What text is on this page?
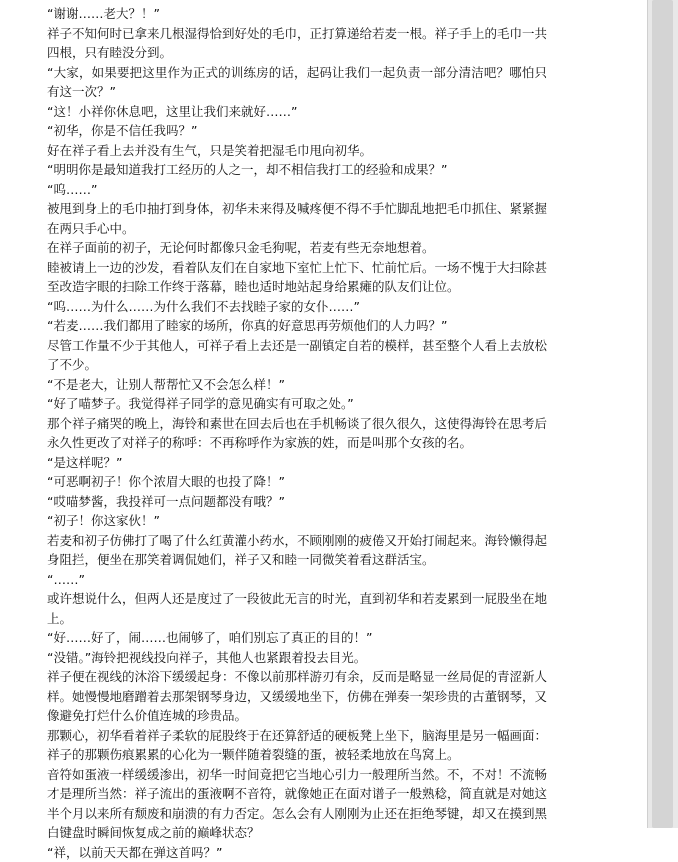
“谢谢……老大？！”

祥子不知何时已拿来几根湿得恰到好处的毛巾，正打算递给若麦一根。祥子手上的毛巾一共四根，只有睦没分到。

“大家，如果要把这里作为正式的训练房的话，起码让我们一起负责一部分清洁吧？哪怕只有这一次？”

“这！小祥你休息吧，这里让我们来就好……”

“初华，你是不信任我吗？”

好在祥子看上去并没有生气，只是笑着把湿毛巾甩向初华。

“明明你是最知道我打工经历的人之一，却不相信我打工的经验和成果？”

“呜……”

被甩到身上的毛巾抽打到身体，初华未来得及喊疼便不得不手忙脚乱地把毛巾抓住、紧紧握在两只手心中。

在祥子面前的初子，无论何时都像只金毛狗呢，若麦有些无奈地想着。

睦被请上一边的沙发，看着队友们在自家地下室忙上忙下、忙前忙后。一场不愧于大扫除甚至改造字眼的扫除工作终于落幕，睦也适时地站起身给累瘫的队友们让位。

“呜……为什么……为什么我们不去找睦子家的女仆……”

“若麦……我们都用了睦家的场所，你真的好意思再劳烦他们的人力吗？”

尽管工作量不少于其他人，可祥子看上去还是一副镇定自若的模样，甚至整个人看上去放松了不少。

“不是老大，让别人帮帮忙又不会怎么样！”

“好了喵梦子。我觉得祥子同学的意见确实有可取之处。”

那个祥子痛哭的晚上，海铃和素世在回去后也在手机畅谈了很久很久，这使得海铃在思考后永久性更改了对祥子的称呼：不再称呼作为家族的姓，而是叫那个女孩的名。

“是这样呢？”

“可恶啊初子！你个浓眉大眼的也投了降！”

“哎喵梦酱，我投祥可一点问题都没有哦？”

“初子！你这家伙！”

若麦和初子仿佛打了喝了什么红黄灌小药水，不顾刚刚的疲倦又开始打闹起来。海铃懒得起身阻拦，便坐在那笑着调侃她们，祥子又和睦一同微笑着看这群活宝。

“……”

或许想说什么，但两人还是度过了一段彼此无言的时光，直到初华和若麦累到一屁股坐在地上。

“好……好了，闹……也闹够了，咱们别忘了真正的目的！”

“没错。”海铃把视线投向祥子，其他人也紧跟着投去目光。

祥子便在视线的沐浴下缓缓起身：不像以前那样游刃有余，反而是略显一丝局促的青涩新人样。她慢慢地磨蹭着去那架钢琴身边，又缓缓地坐下，仿佛在弹奏一架珍贵的古董钢琴，又像避免打烂什么价值连城的珍贵品。

那颗心，初华看着祥子柔软的屁股终于在还算舒适的硬板凳上坐下，脑海里是另一幅画面：祥子的那颗伤痕累累的心化为一颗伴随着裂缝的蛋，被轻柔地放在鸟窝上。

音符如蛋液一样缓缓渗出，初华一时间竟把它当地心引力一般理所当然。不，不对！不流畅才是理所当然：祥子流出的蛋液啊不音符，就像她正在面对谱子一般熟稔，简直就是对她这半个月以来所有颓废和崩溃的有力否定。怎么会有人刚刚为止还在拒绝琴键，却又在摸到黑白键盘时瞬间恢复成之前的巅峰状态？

“祥，以前天天都在弹这首吗？”
